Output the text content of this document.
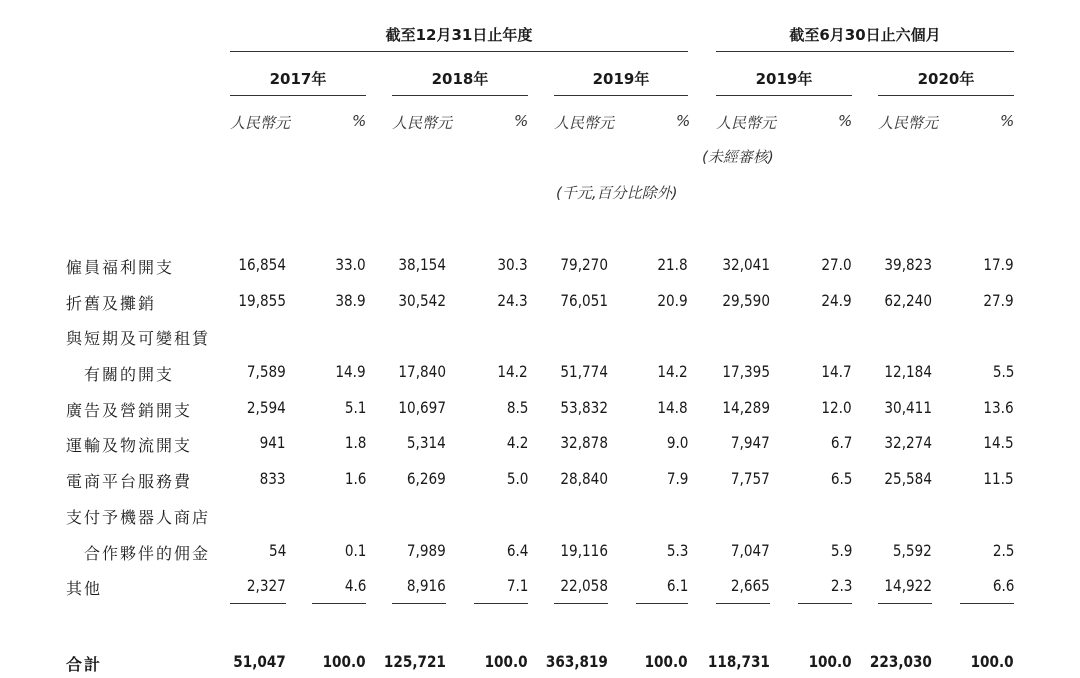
截至12月31日止年度	截至6月30日止六個月
2017年	2018年	2019年	2019年	2020年
人民幣元	% 人民幣元	% 人民幣元	% 人民幣元	% 人民幣元	%
(未經審核)
(千元,百分比除外)
僱員福利開支	16,854	33.0 38,154	30.3 79,270	21.8 32,041	27.0 39,823	17.9
折舊及攤銷	19,855	38.9 30,542	24.3 76,051	20.9 29,590	24.9 62,240	27.9
與短期及可變租賃
有關的開支	7,589	14.9 17,840	14.2 51,774	14.2 17,395	14.7 12,184	5.5
廣告及營銷開支	2,594	5.1 10,697	8.5 53,832	14.8 14,289	12.0 30,411	13.6
運輸及物流開支	941	1.8	5,314	4.2 32,878	9.0	7,947	6.7 32,274	14.5
電商平台服務費	833	1.6	6,269	5.0 28,840	7.9	7,757	6.5 25,584	11.5
支付予機器人商店
合作夥伴的佣金	54	0.1	7,989	6.4 19,116	5.3	7,047	5.9	5,592	2.5
其他	2,327	4.6	8,916	7.1 22,058	6.1	2,665	2.3 14,922	6.6
合計	51,047 100.0 125,721 100.0 363,819 100.0 118,731 100.0 223,030 100.0
